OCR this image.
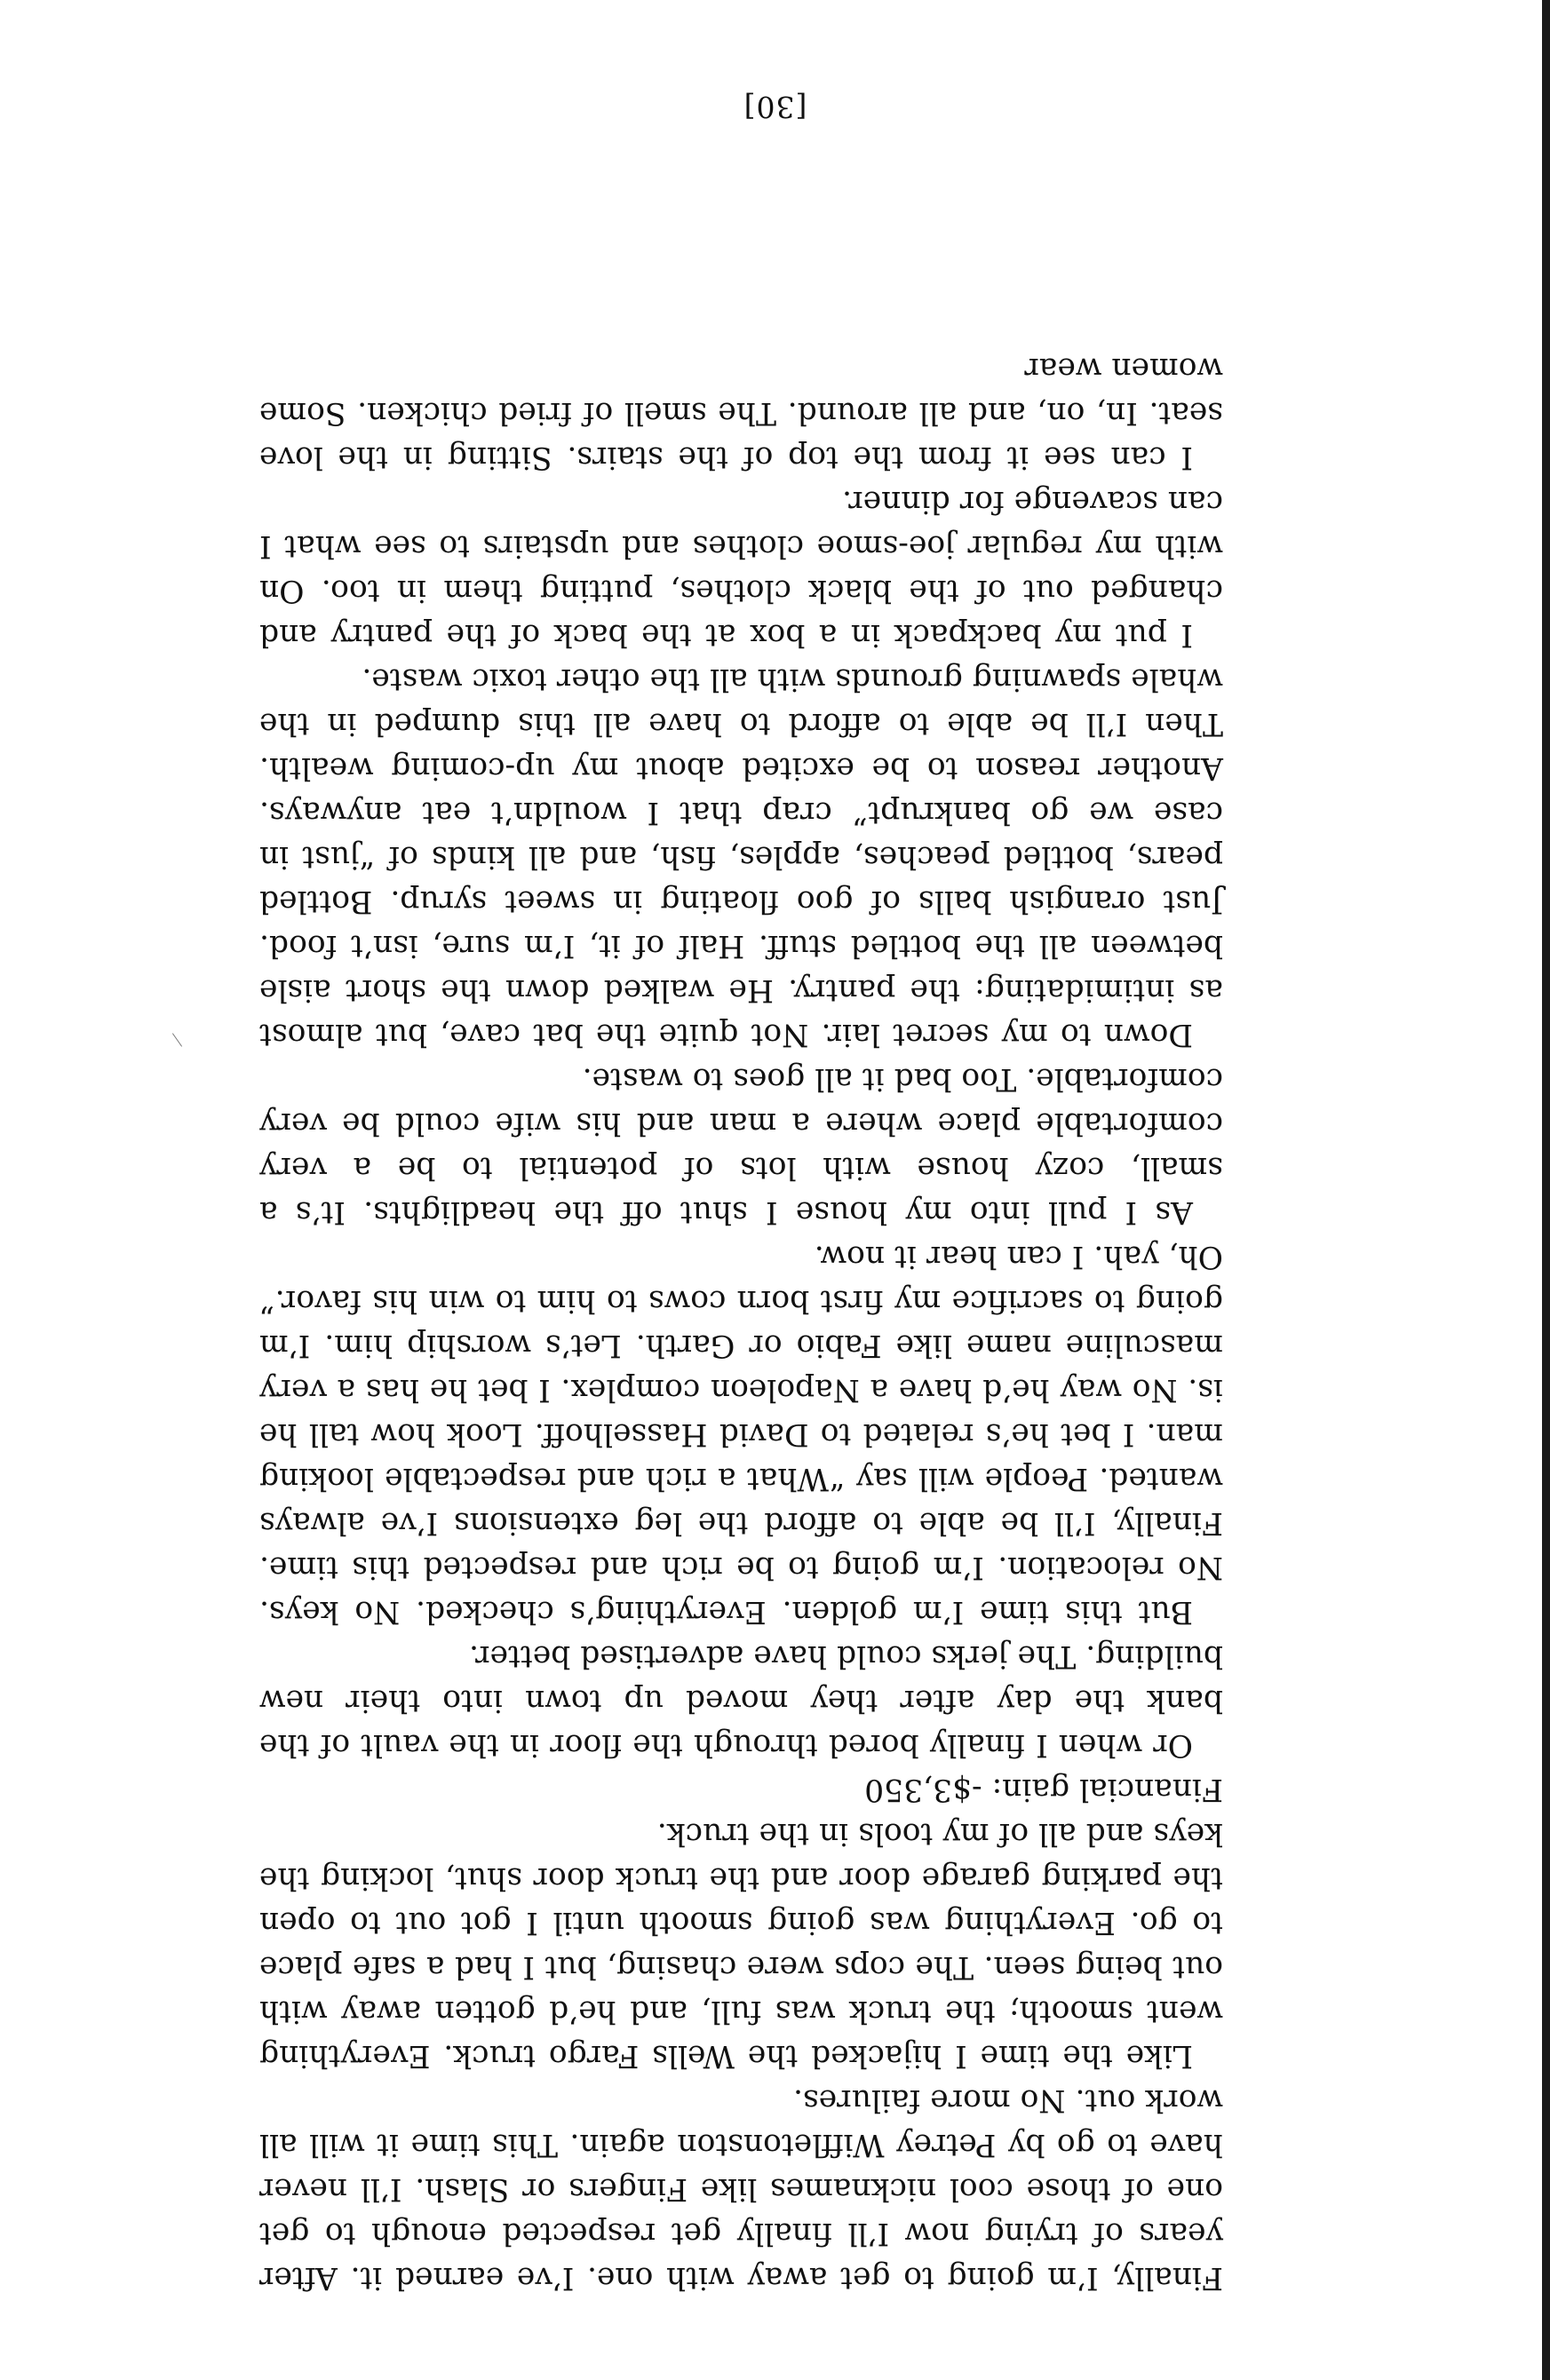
Finally, I’m going to get away with one. I’ve earned it. After years of trying now I’ll finally get respected enough to get one of those cool nicknames like Fingers or Slash. I’ll never have to go by Petrey Wiffletonston again. This time it will all work out. No more failures.

Like the time I hijacked the Wells Fargo truck. Everything went smooth; the truck was full, and he’d gotten away with out being seen. The cops were chasing, but I had a safe place to go. Everything was going smooth until I got out to open the parking garage door and the truck door shut, locking the keys and all of my tools in the truck.

Financial gain: -$3,350

Or when I finally bored through the floor in the vault of the bank the day after they moved up town into their new building. The jerks could have advertised better.

But this time I’m golden. Everything’s checked. No keys. No relocation. I’m going to be rich and respected this time. Finally, I’ll be able to afford the leg extensions I’ve always wanted. People will say “What a rich and respectable looking man. I bet he’s related to David Hasselhoff. Look how tall he is. No way he’d have a Napoleon complex. I bet he has a very masculine name like Fabio or Garth. Let’s worship him. I’m going to sacrifice my first born cows to him to win his favor.” Oh, yah. I can hear it now.

As I pull into my house I shut off the headlights. It’s a small, cozy house with lots of potential to be a very comfortable place where a man and his wife could be very comfortable. Too bad it all goes to waste.

Down to my secret lair. Not quite the bat cave, but almost as intimidating: the pantry. He walked down the short aisle between all the bottled stuff. Half of it, I’m sure, isn’t food. Just orangish balls of goo floating in sweet syrup. Bottled pears, bottled peaches, apples, fish, and all kinds of “just in case we go bankrupt” crap that I wouldn’t eat anyways. Another reason to be excited about my up-coming wealth. Then I’ll be able to afford to have all this dumped in the whale spawning grounds with all the other toxic waste.

I put my backpack in a box at the back of the pantry and changed out of the black clothes, putting them in too. On with my regular joe-smoe clothes and upstairs to see what I can scavenge for dinner.

I can see it from the top of the stairs. Sitting in the love seat. In, on, and all around. The smell of fried chicken. Some women wear

[30]
